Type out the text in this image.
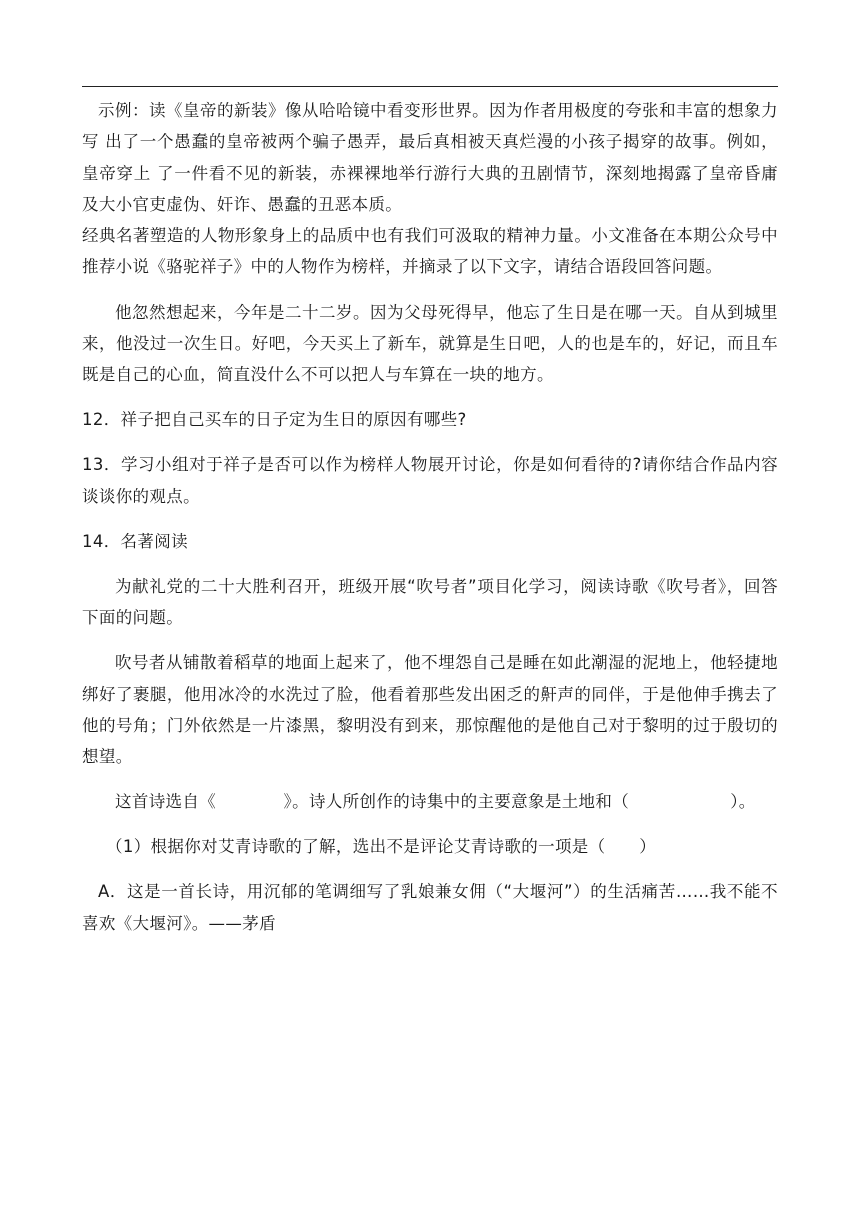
示例：读《皇帝的新装》像从哈哈镜中看变形世界。因为作者用极度的夸张和丰富的想象力写 出了一个愚蠢的皇帝被两个骗子愚弄，最后真相被天真烂漫的小孩子揭穿的故事。例如，皇帝穿上 了一件看不见的新装，赤裸裸地举行游行大典的丑剧情节，深刻地揭露了皇帝昏庸及大小官吏虚伪、奸诈、愚蠢的丑恶本质。

经典名著塑造的人物形象身上的品质中也有我们可汲取的精神力量。小文准备在本期公众号中推荐小说《骆驼祥子》中的人物作为榜样，并摘录了以下文字，请结合语段回答问题。

他忽然想起来，今年是二十二岁。因为父母死得早，他忘了生日是在哪一天。自从到城里来，他没过一次生日。好吧，今天买上了新车，就算是生日吧，人的也是车的，好记，而且车既是自己的心血，简直没什么不可以把人与车算在一块的地方。

12．祥子把自己买车的日子定为生日的原因有哪些?

13．学习小组对于祥子是否可以作为榜样人物展开讨论，你是如何看待的?请你结合作品内容谈谈你的观点。

14．名著阅读

为献礼党的二十大胜利召开，班级开展“吹号者”项目化学习，阅读诗歌《吹号者》，回答下面的问题。

吹号者从铺散着稻草的地面上起来了，他不埋怨自己是睡在如此潮湿的泥地上，他轻捷地绑好了裹腿，他用冰冷的水洗过了脸，他看着那些发出困乏的鼾声的同伴，于是他伸手携去了他的号角；门外依然是一片漆黑，黎明没有到来，那惊醒他的是他自己对于黎明的过于殷切的想望。

这首诗选自《　　　　》。诗人所创作的诗集中的主要意象是土地和（　　　　　　）。

（1）根据你对艾青诗歌的了解，选出不是评论艾青诗歌的一项是（　　）

A．这是一首长诗，用沉郁的笔调细写了乳娘兼女佣（“大堰河”）的生活痛苦……我不能不喜欢《大堰河》。——茅盾
